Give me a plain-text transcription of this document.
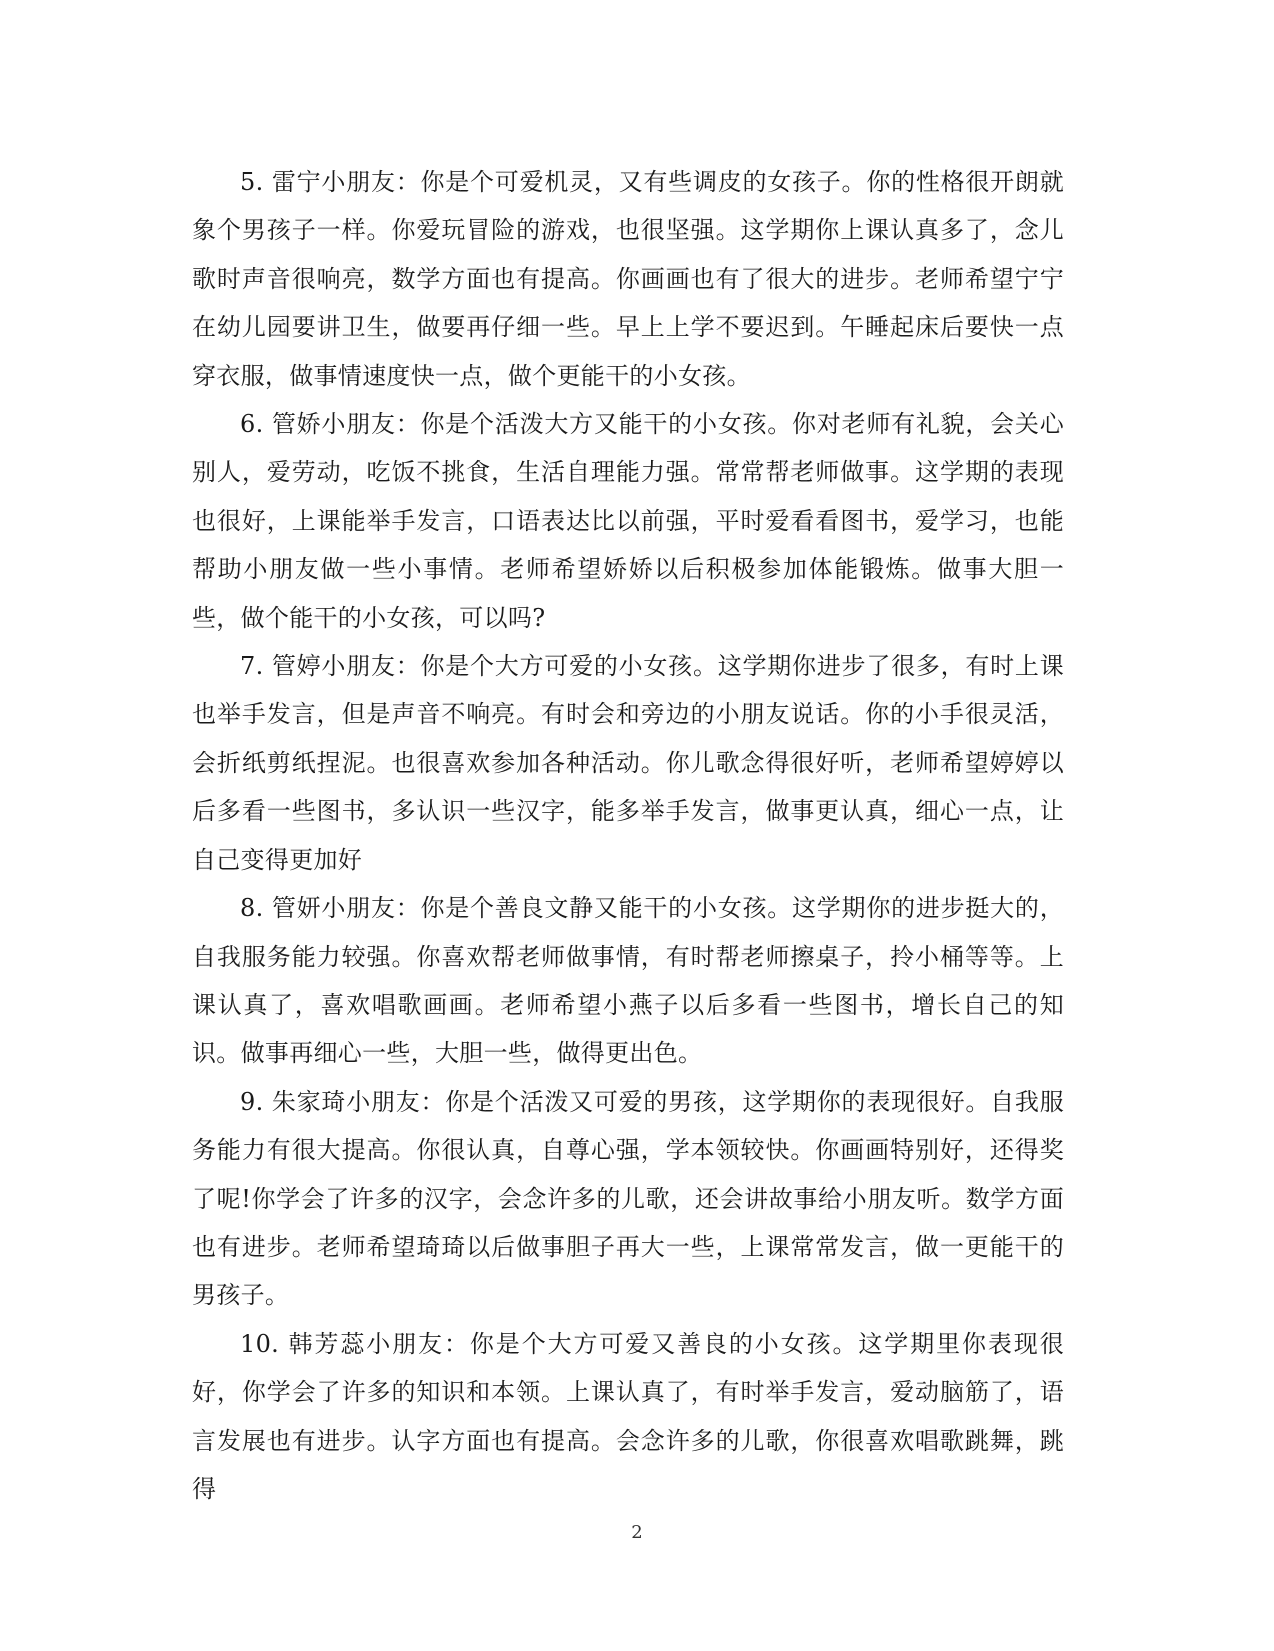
5. 雷宁小朋友：你是个可爱机灵，又有些调皮的女孩子。你的性格很开朗就象个男孩子一样。你爱玩冒险的游戏，也很坚强。这学期你上课认真多了，念儿歌时声音很响亮，数学方面也有提高。你画画也有了很大的进步。老师希望宁宁在幼儿园要讲卫生，做要再仔细一些。早上上学不要迟到。午睡起床后要快一点穿衣服，做事情速度快一点，做个更能干的小女孩。

6. 管娇小朋友：你是个活泼大方又能干的小女孩。你对老师有礼貌，会关心别人，爱劳动，吃饭不挑食，生活自理能力强。常常帮老师做事。这学期的表现也很好，上课能举手发言，口语表达比以前强，平时爱看看图书，爱学习，也能帮助小朋友做一些小事情。老师希望娇娇以后积极参加体能锻炼。做事大胆一些，做个能干的小女孩，可以吗?

7. 管婷小朋友：你是个大方可爱的小女孩。这学期你进步了很多，有时上课也举手发言，但是声音不响亮。有时会和旁边的小朋友说话。你的小手很灵活，会折纸剪纸捏泥。也很喜欢参加各种活动。你儿歌念得很好听，老师希望婷婷以后多看一些图书，多认识一些汉字，能多举手发言，做事更认真，细心一点，让自己变得更加好

8. 管妍小朋友：你是个善良文静又能干的小女孩。这学期你的进步挺大的，自我服务能力较强。你喜欢帮老师做事情，有时帮老师擦桌子，拎小桶等等。上课认真了，喜欢唱歌画画。老师希望小燕子以后多看一些图书，增长自己的知识。做事再细心一些，大胆一些，做得更出色。

9. 朱家琦小朋友：你是个活泼又可爱的男孩，这学期你的表现很好。自我服务能力有很大提高。你很认真，自尊心强，学本领较快。你画画特别好，还得奖了呢!你学会了许多的汉字，会念许多的儿歌，还会讲故事给小朋友听。数学方面也有进步。老师希望琦琦以后做事胆子再大一些，上课常常发言，做一更能干的男孩子。

10. 韩芳蕊小朋友：你是个大方可爱又善良的小女孩。这学期里你表现很好，你学会了许多的知识和本领。上课认真了，有时举手发言，爱动脑筋了，语言发展也有进步。认字方面也有提高。会念许多的儿歌，你很喜欢唱歌跳舞，跳得

2
